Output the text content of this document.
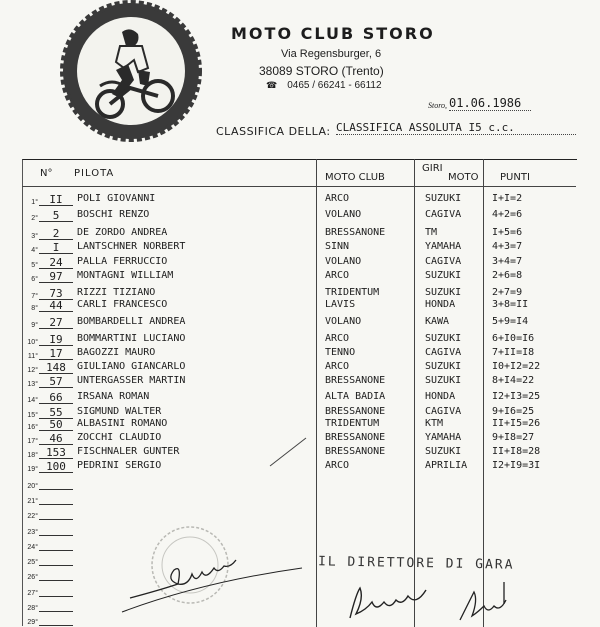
MOTO CLUB STORO
Via Regensburger, 6
38089 STORO (Trento)
☎ 0465 / 66241 - 66112
Storo, 01.06.1986
CLASSIFICA DELLA: CLASSIFICA ASSOLUTA I5 c.c.
N° PILOTA	MOTO CLUB
GIRI
MOTO PUNTI
1°	II	POLI GIOVANNI	ARCO	SUZUKI	I+I=2
2°	5	BOSCHI RENZO	VOLANO	CAGIVA	4+2=6
3°	2	DE ZORDO ANDREA	BRESSANONE	TM	I+5=6
4°	I	LANTSCHNER NORBERT	SINN	YAMAHA	4+3=7
5°	24	PALLA FERRUCCIO	VOLANO	CAGIVA	3+4=7
6°	97	MONTAGNI WILLIAM	ARCO	SUZUKI	2+6=8
7°	73	RIZZI TIZIANO	TRIDENTUM	SUZUKI	2+7=9
8°	44	CARLI FRANCESCO	LAVIS	HONDA	3+8=II
9°	27	BOMBARDELLI ANDREA	VOLANO	KAWA	5+9=I4
10°	I9	BOMMARTINI LUCIANO	ARCO	SUZUKI	6+I0=I6
11°	17	BAGOZZI MAURO	TENNO	CAGIVA	7+II=I8
12° 148	GIULIANO GIANCARLO	ARCO	SUZUKI	I0+I2=22
13°	57	UNTERGASSER MARTIN	BRESSANONE	SUZUKI	8+I4=22
14°	66	IRSANA ROMAN	ALTA BADIA	HONDA	I2+I3=25
15°	55	SIGMUND WALTER	BRESSANONE	CAGIVA	9+I6=25
16°	50	ALBASINI ROMANO	TRIDENTUM	KTM	II+I5=26
17°	46	ZOCCHI CLAUDIO	BRESSANONE	YAMAHA	9+I8=27
18° 153	FISCHNALER GUNTER	BRESSANONE	SUZUKI	II+I8=28
19° 100	PEDRINI SERGIO	ARCO	APRILIA I2+I9=3I
20°
21°
22°
23°
24°
25°
26°
27°
28°
29°
IL DIRETTORE DI GARA
